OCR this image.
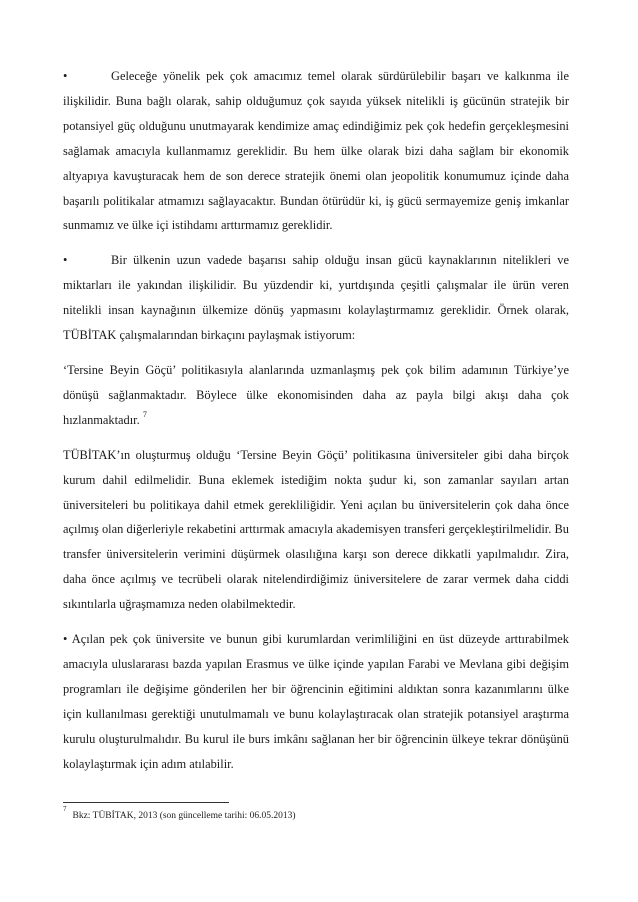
•	Geleceğe yönelik pek çok amacımız temel olarak sürdürülebilir başarı ve kalkınma ile ilişkilidir. Buna bağlı olarak, sahip olduğumuz çok sayıda yüksek nitelikli iş gücünün stratejik bir potansiyel güç olduğunu unutmayarak kendimize amaç edindiğimiz pek çok hedefin gerçekleşmesini sağlamak amacıyla kullanmamız gereklidir. Bu hem ülke olarak bizi daha sağlam bir ekonomik altyapıya kavuşturacak hem de son derece stratejik önemi olan jeopolitik konumumuz içinde daha başarılı politikalar atmamızı sağlayacaktır. Bundan ötürüdür ki, iş gücü sermayemize geniş imkanlar sunmamız ve ülke içi istihdamı arttırmamız gereklidir.

•	Bir ülkenin uzun vadede başarısı sahip olduğu insan gücü kaynaklarının nitelikleri ve miktarları ile yakından ilişkilidir. Bu yüzdendir ki, yurtdışında çeşitli çalışmalar ile ürün veren nitelikli insan kaynağının ülkemize dönüş yapmasını kolaylaştırmamız gereklidir. Örnek olarak, TÜBİTAK çalışmalarından birkaçını paylaşmak istiyorum:

‘Tersine Beyin Göçü’ politikasıyla alanlarında uzmanlaşmış pek çok bilim adamının Türkiye’ye dönüşü sağlanmaktadır. Böylece ülke ekonomisinden daha az payla bilgi akışı daha çok hızlanmaktadır. $^7$

TÜBİTAK’ın oluşturmuş olduğu ‘Tersine Beyin Göçü’ politikasına üniversiteler gibi daha birçok kurum dahil edilmelidir. Buna eklemek istediğim nokta şudur ki, son zamanlar sayıları artan üniversiteleri bu politikaya dahil etmek gerekliliğidir. Yeni açılan bu üniversitelerin çok daha önce açılmış olan diğerleriyle rekabetini arttırmak amacıyla akademisyen transferi gerçekleştirilmelidir. Bu transfer üniversitelerin verimini düşürmek olasılığına karşı son derece dikkatli yapılmalıdır. Zira, daha önce açılmış ve tecrübeli olarak nitelendirdiğimiz üniversitelere de zarar vermek daha ciddi sıkıntılarla uğraşmamıza neden olabilmektedir.

• Açılan pek çok üniversite ve bunun gibi kurumlardan verimliliğini en üst düzeyde arttırabilmek amacıyla uluslararası bazda yapılan Erasmus ve ülke içinde yapılan Farabi ve Mevlana gibi değişim programları ile değişime gönderilen her bir öğrencinin eğitimini aldıktan sonra kazanımlarını ülke için kullanılması gerektiği unutulmamalı ve bunu kolaylaştıracak olan stratejik potansiyel araştırma kurulu oluşturulmalıdır. Bu kurul ile burs imkânı sağlanan her bir öğrencinin ülkeye tekrar dönüşünü kolaylaştırmak için adım atılabilir.

$^7$Bkz: TÜBİTAK, 2013 (son güncelleme tarihi: 06.05.2013)
